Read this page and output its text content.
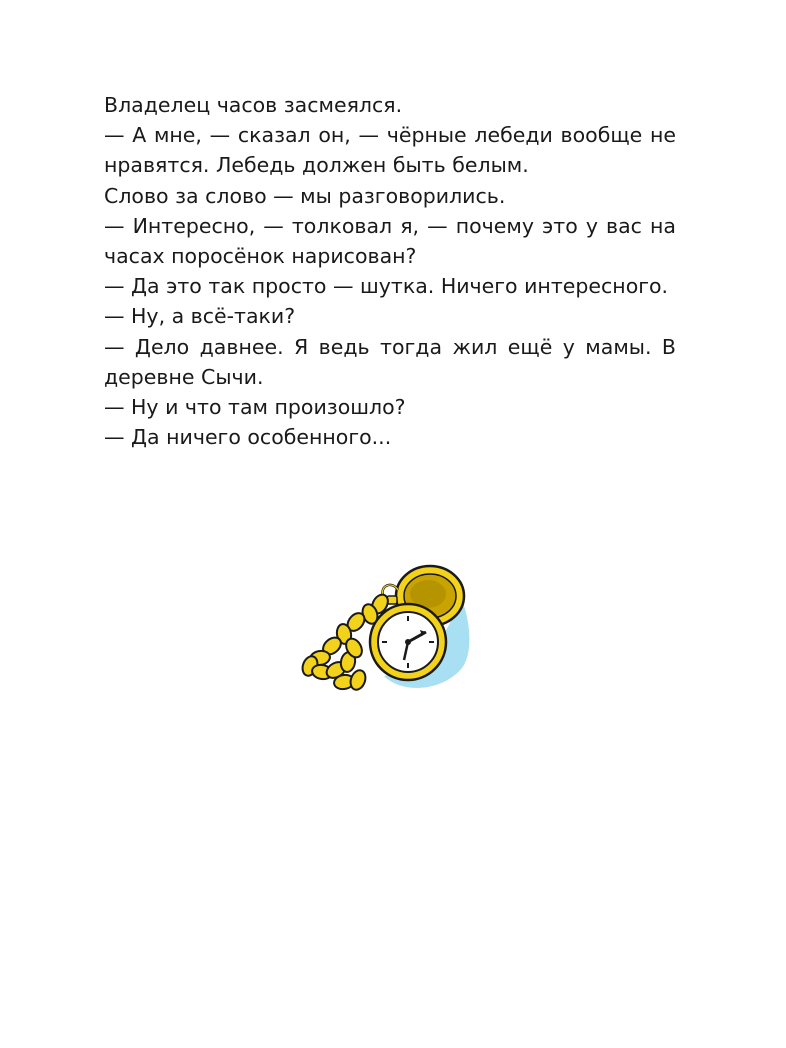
Владелец часов засмеялся.

— А мне, — сказал он, — чёрные лебеди вообще не нравятся. Лебедь должен быть белым.

Слово за слово — мы разговорились.

— Интересно, — толковал я, — почему это у вас на часах поросёнок нарисован?

— Да это так просто — шутка. Ничего интересного.

— Ну, а всё-таки?

— Дело давнее. Я ведь тогда жил ещё у мамы. В деревне Сычи.

— Ну и что там произошло?

— Да ничего особенного...
